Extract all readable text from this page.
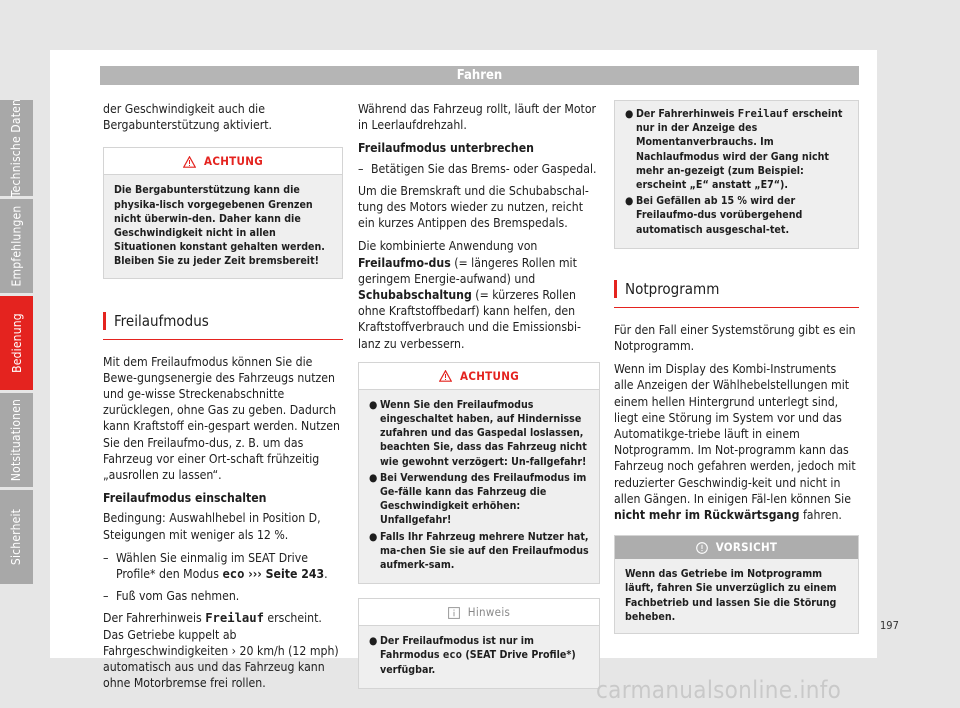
Fahren

der Geschwindigkeit auch die Bergabunterstützung aktiviert.

ACHTUNG
Die Bergabunterstützung kann die physika-lisch vorgegebenen Grenzen nicht überwin-den. Daher kann die Geschwindigkeit nicht in allen Situationen konstant gehalten werden. Bleiben Sie zu jeder Zeit bremsbereit!
Freilaufmodus

Mit dem Freilaufmodus können Sie die Bewe-gungsenergie des Fahrzeugs nutzen und ge-wisse Streckenabschnitte zurücklegen, ohne Gas zu geben. Dadurch kann Kraftstoff ein-gespart werden. Nutzen Sie den Freilaufmo-dus, z. B. um das Fahrzeug vor einer Ort-schaft frühzeitig „ausrollen zu lassen“.

Freilaufmodus einschalten

Bedingung: Auswahlhebel in Position D, Steigungen mit weniger als 12 %.

– Wählen Sie einmalig im SEAT Drive Profile* den Modus eco ››› Seite 243.
– Fuß vom Gas nehmen.

Der Fahrerhinweis Freilauf erscheint. Das Getriebe kuppelt ab Fahrgeschwindigkeiten › 20 km/h (12 mph) automatisch aus und das Fahrzeug kann ohne Motorbremse frei rollen.

Während das Fahrzeug rollt, läuft der Motor in Leerlaufdrehzahl.

Freilaufmodus unterbrechen

– Betätigen Sie das Brems- oder Gaspedal.

Um die Bremskraft und die Schubabschal-tung des Motors wieder zu nutzen, reicht ein kurzes Antippen des Bremspedals.

Die kombinierte Anwendung von Freilaufmo-dus (= längeres Rollen mit geringem Energie-aufwand) und Schubabschaltung (= kürzeres Rollen ohne Kraftstoffbedarf) kann helfen, den Kraftstoffverbrauch und die Emissionsbi-lanz zu verbessern.

ACHTUNG
● Wenn Sie den Freilaufmodus eingeschaltet haben, auf Hindernisse zufahren und das Gaspedal loslassen, beachten Sie, dass das Fahrzeug nicht wie gewohnt verzögert: Un-fallgefahr!
● Bei Verwendung des Freilaufmodus im Ge-fälle kann das Fahrzeug die Geschwindigkeit erhöhen: Unfallgefahr!
● Falls Ihr Fahrzeug mehrere Nutzer hat, ma-chen Sie sie auf den Freilaufmodus aufmerk-sam.
Hinweis
● Der Freilaufmodus ist nur im Fahrmodus eco (SEAT Drive Profile*) verfügbar.
● Der Fahrerhinweis Freilauf erscheint nur in der Anzeige des Momentanverbrauchs. Im Nachlaufmodus wird der Gang nicht mehr an-gezeigt (zum Beispiel: erscheint „E“ anstatt „E7“).
● Bei Gefällen ab 15 % wird der Freilaufmo-dus vorübergehend automatisch ausgeschal-tet.
Notprogramm

Für den Fall einer Systemstörung gibt es ein Notprogramm.

Wenn im Display des Kombi-Instruments alle Anzeigen der Wählhebelstellungen mit einem hellen Hintergrund unterlegt sind, liegt eine Störung im System vor und das Automatikge-triebe läuft in einem Notprogramm. Im Not-programm kann das Fahrzeug noch gefahren werden, jedoch mit reduzierter Geschwindig-keit und nicht in allen Gängen. In einigen Fäl-len können Sie nicht mehr im Rückwärtsgang fahren.

VORSICHT
Wenn das Getriebe im Notprogramm läuft, fahren Sie unverzüglich zu einem Fachbetrieb und lassen Sie die Störung beheben.
Technische Daten
Empfehlungen
Bedienung
Notsituationen
Sicherheit
197
carmanualsonline.info
